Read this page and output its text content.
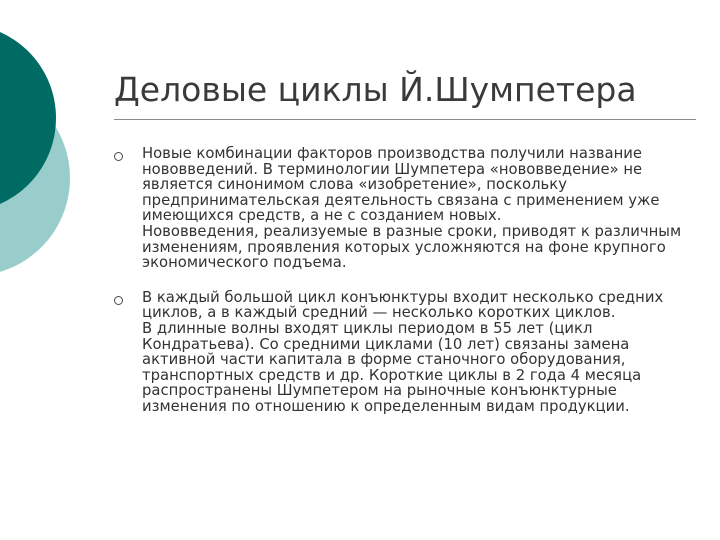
Деловые циклы Й.Шумпетера

Новые комбинации факторов производства получили название нововведений. В терминологии Шумпетера «нововведение» не является синонимом слова «изобретение», поскольку предпринимательская деятельность связана с применением уже имеющихся средств, а не с созданием новых.

Нововведения, реализуемые в разные сроки, приводят к различным изменениям, проявления которых усложняются на фоне крупного экономического подъема.

В каждый большой цикл конъюнктуры входит несколько средних циклов, а в каждый средний — несколько коротких циклов.

В длинные волны входят циклы периодом в 55 лет (цикл Кондратьева). Со средними циклами (10 лет) связаны замена активной части капитала в форме станочного оборудования, транспортных средств и др. Короткие циклы в 2 года 4 месяца распространены Шумпетером на рыночные конъюнктурные изменения по отношению к определенным видам продукции.
